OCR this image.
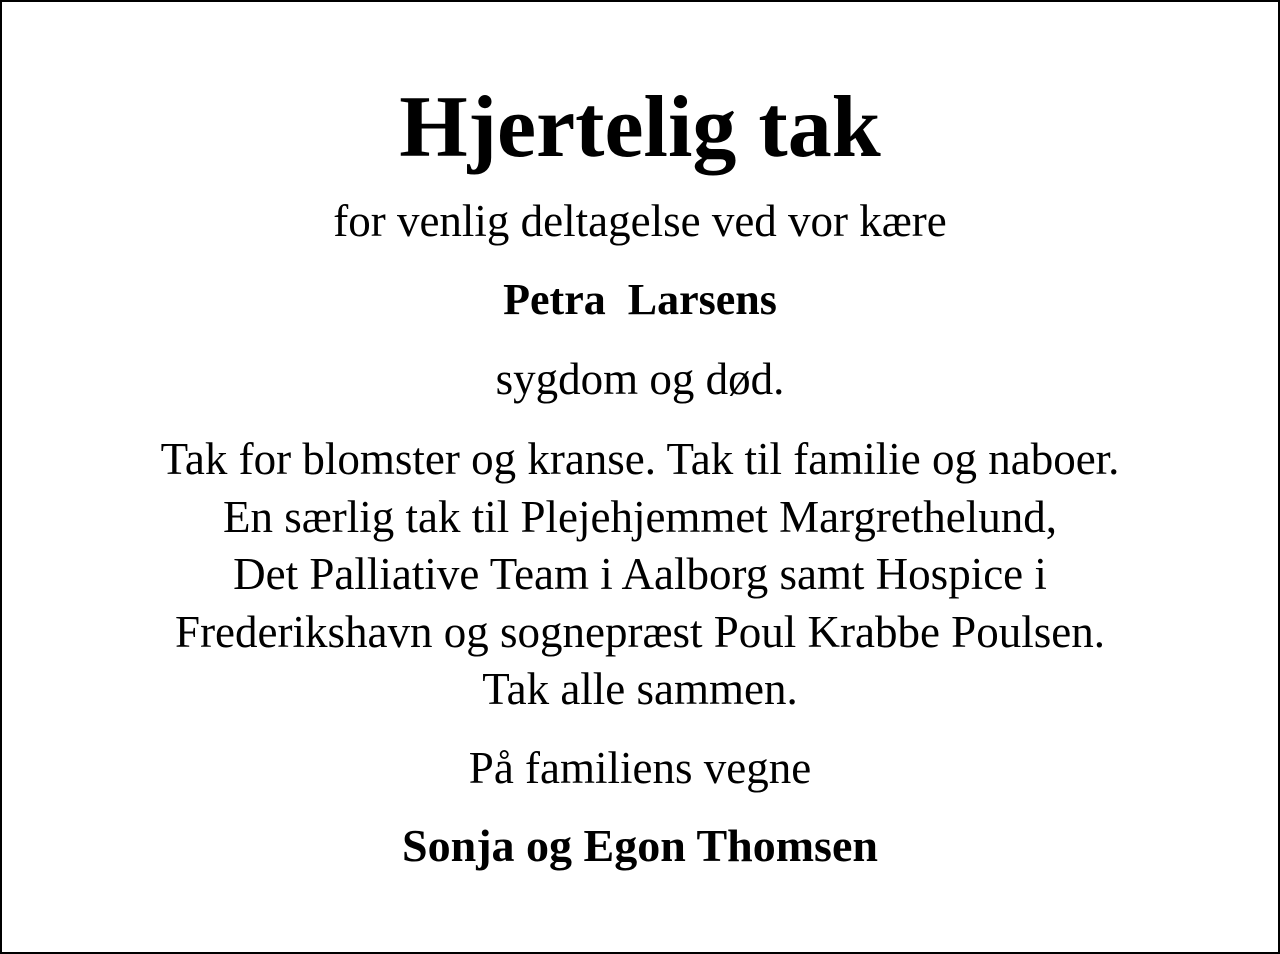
Hjertelig tak

for venlig deltagelse ved vor kære

Petra  Larsens

sygdom og død.

Tak for blomster og kranse. Tak til familie og naboer.
En særlig tak til Plejehjemmet Margrethelund,
Det Palliative Team i Aalborg samt Hospice i
Frederikshavn og sognepræst Poul Krabbe Poulsen.
Tak alle sammen.

På familiens vegne

Sonja og Egon Thomsen
